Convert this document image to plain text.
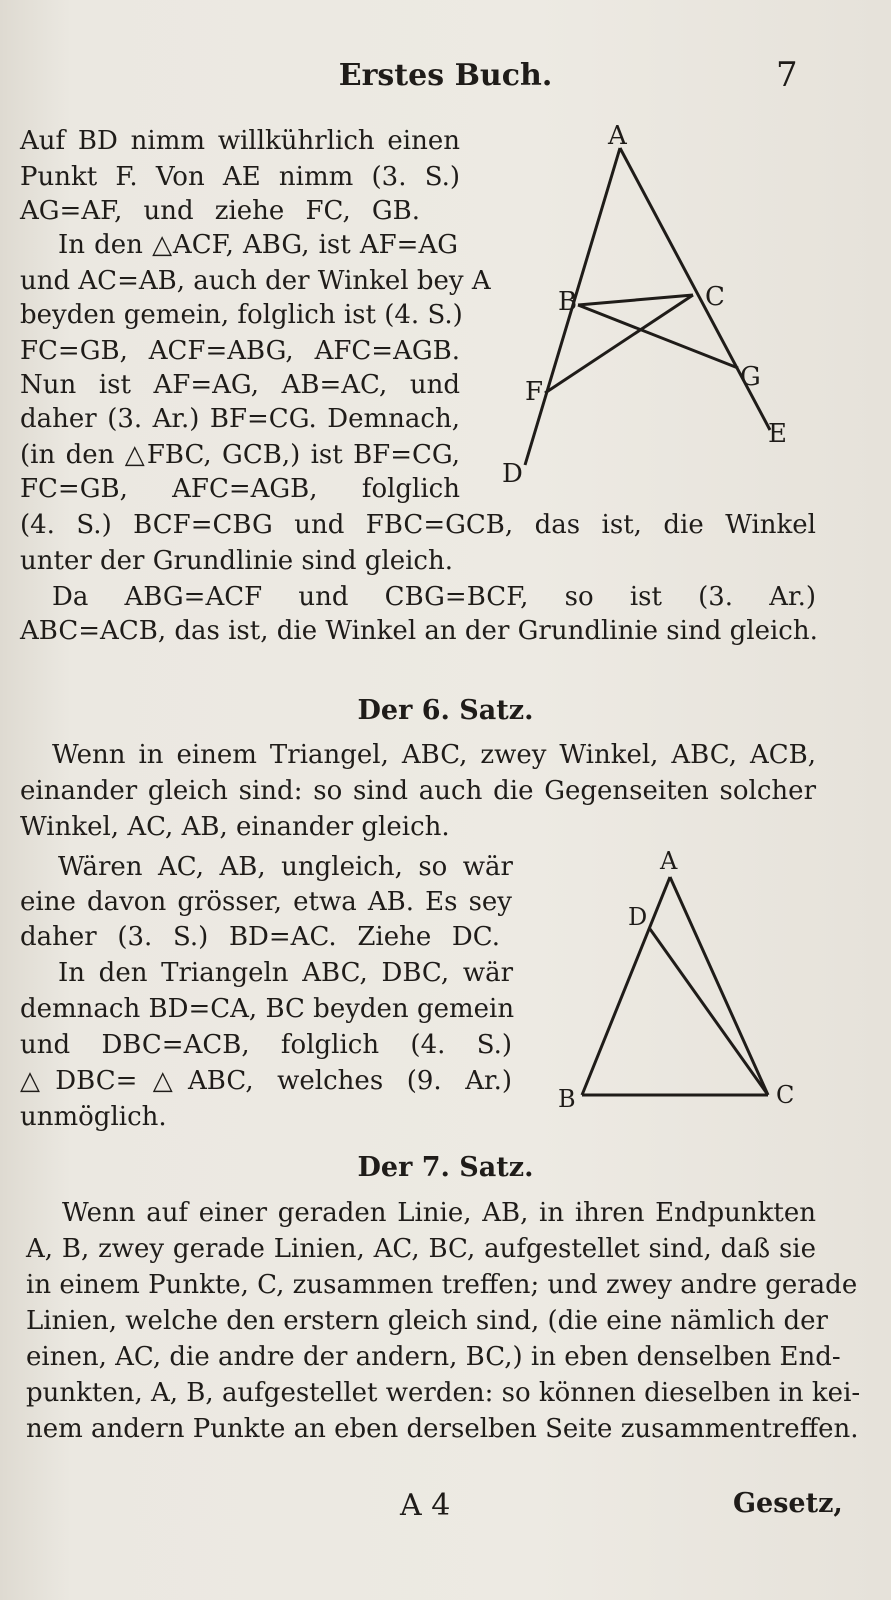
Erstes Buch.	7

Auf BD nimm willkührlich einen
Punkt F. Von AE nimm (3. S.)
AG=AF, und ziehe FC, GB.
In den △ACF, ABG, ist AF=AG
und AC=AB, auch der Winkel bey A
beyden gemein, folglich ist (4. S.)
FC=GB, ACF=ABG, AFC=AGB.
Nun ist AF=AG, AB=AC, und
daher (3. Ar.) BF=CG. Demnach,
(in den △FBC, GCB,) ist BF=CG,
FC=GB, AFC=AGB, folglich
(4. S.) BCF=CBG und FBC=GCB, das ist, die Winkel
unter der Grundlinie sind gleich.
Da ABG=ACF und CBG=BCF, so ist (3. Ar.)
ABC=ACB, das ist, die Winkel an der Grundlinie sind gleich.
A
B	C
F	G
E
D
Der 6. Satz.
Wenn in einem Triangel, ABC, zwey Winkel, ABC, ACB,
einander gleich sind: so sind auch die Gegenseiten solcher
Winkel, AC, AB, einander gleich.
Wären AC, AB, ungleich, so wär
eine davon grösser, etwa AB. Es sey
daher (3. S.) BD=AC. Ziehe DC.
In den Triangeln ABC, DBC, wär
demnach BD=CA, BC beyden gemein
und DBC=ACB, folglich (4. S.)
△DBC=△ABC, welches (9. Ar.)
unmöglich.
A
D
B	C
Der 7. Satz.
Wenn auf einer geraden Linie, AB, in ihren Endpunkten
A, B, zwey gerade Linien, AC, BC, aufgestellet sind, daß sie
in einem Punkte, C, zusammen treffen; und zwey andre gerade
Linien, welche den erstern gleich sind, (die eine nämlich der
einen, AC, die andre der andern, BC,) in eben denselben End-
punkten, A, B, aufgestellet werden: so können dieselben in kei-
nem andern Punkte an eben derselben Seite zusammentreffen.
A 4	Gesetz,
